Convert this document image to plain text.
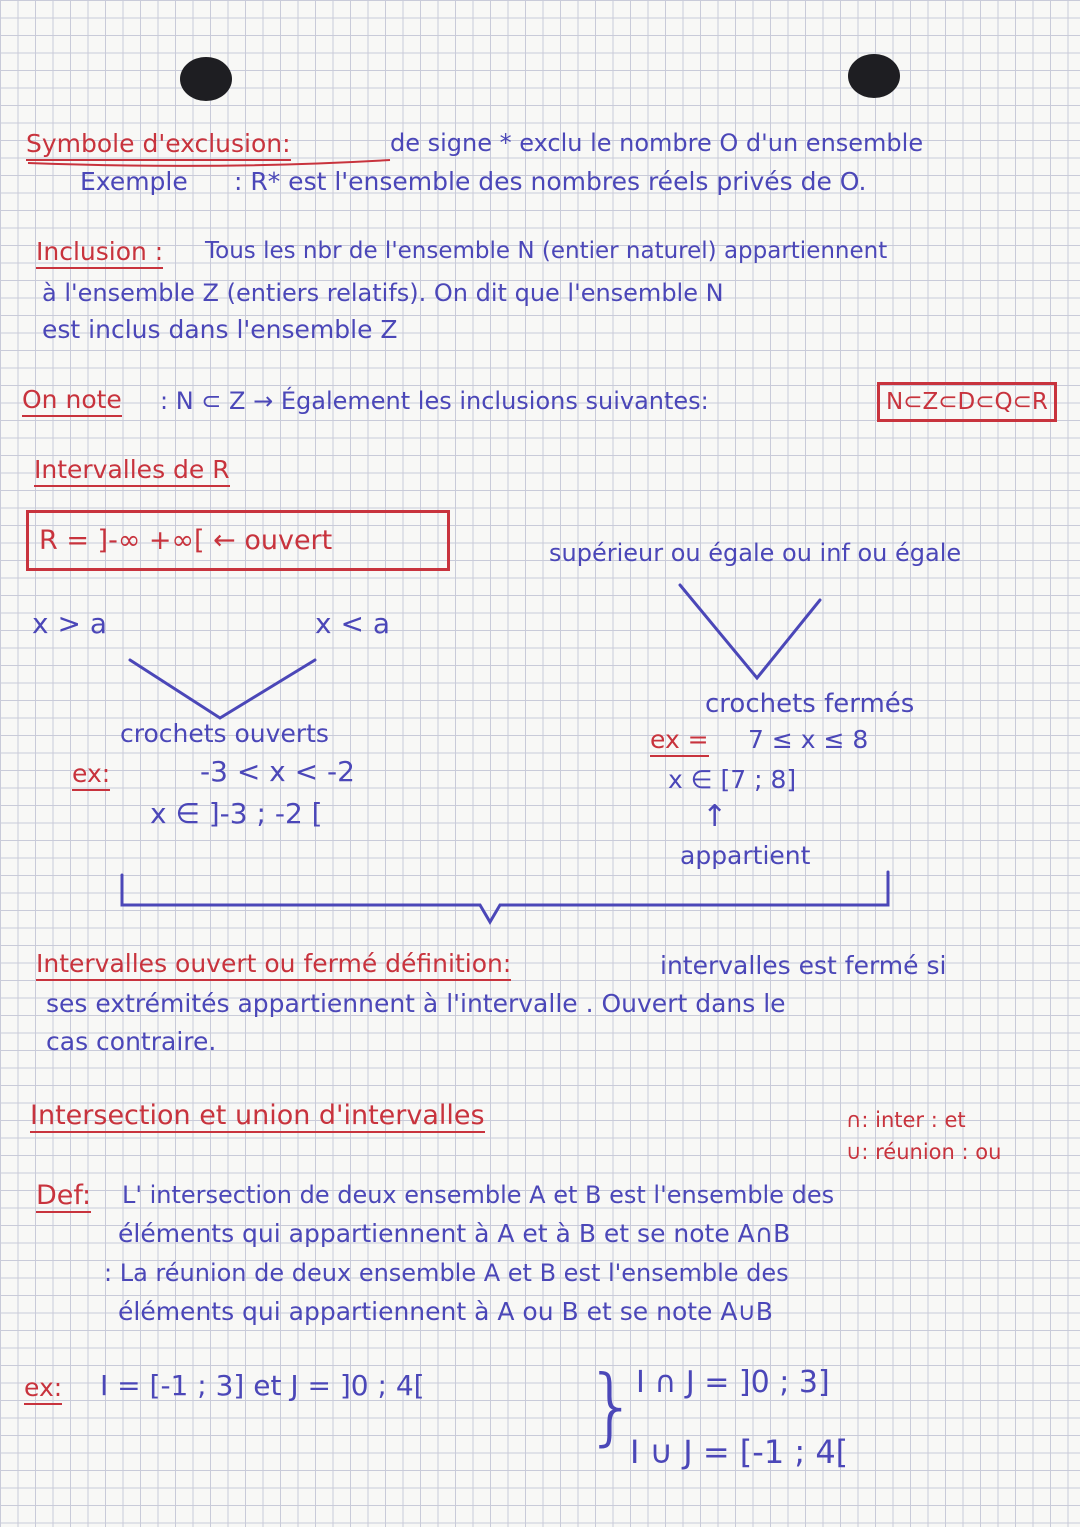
Symbole d'exclusion:	de signe * exclu le nombre O d'un ensemble
Exemple : R* est l'ensemble des nombres réels privés de O.
Inclusion : Tous les nbr de l'ensemble N (entier naturel) appartiennent
à l'ensemble Z (entiers relatifs). On dit que l'ensemble N
est inclus dans l'ensemble Z
On note : N ⊂ Z → Également les inclusions suivantes:	N⊂Z⊂D⊂Q⊂R
Intervalles de R
R = ]-∞ +∞[ ← ouvert	supérieur ou égale ou inf ou égale
x > a	x < a
crochets ouverts
ex:	-3 < x < -2
x ∈ ]-3 ; -2 [
crochets fermés
ex = 7 ≤ x ≤ 8
x ∈ [7 ; 8]
↑
appartient
Intervalles ouvert ou fermé définition:	intervalles est fermé si
ses extrémités appartiennent à l'intervalle . Ouvert dans le
cas contraire.
Intersection et union d'intervalles	∩: inter : et
∪: réunion : ou
Def: L' intersection de deux ensemble A et B est l'ensemble des
éléments qui appartiennent à A et à B et se note A∩B
: La réunion de deux ensemble A et B est l'ensemble des
éléments qui appartiennent à A ou B et se note A∪B
ex: I = [-1 ; 3] et J = ]0 ; 4[ }
I ∩ J = ]0 ; 3]
I ∪ J = [-1 ; 4[
